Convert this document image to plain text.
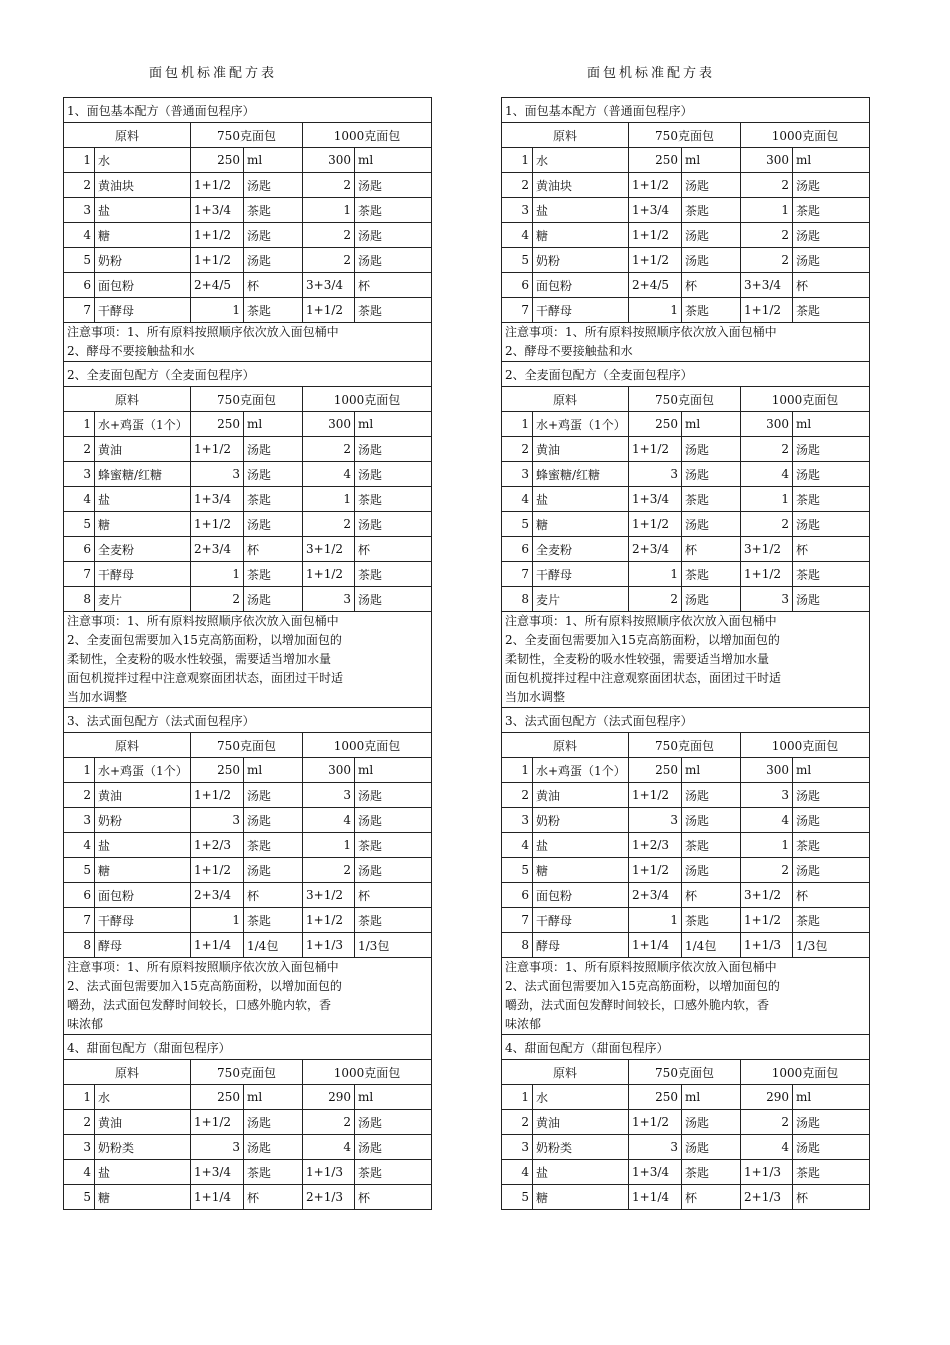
面包机标准配方表
1、面包基本配方（普通面包程序）					
原料		750克面包		1000克面包	
1	水	250	ml	300	ml
2	黄油块	1+1/2	汤匙	2	汤匙
3	盐	1+3/4	茶匙	1	茶匙
4	糖	1+1/2	汤匙	2	汤匙
5	奶粉	1+1/2	汤匙	2	汤匙
6	面包粉	2+4/5	杯	3+3/4	杯
7	干酵母	1	茶匙	1+1/2	茶匙

注意事项：1、所有原料按照顺序依次放入面包桶中
2、酵母不要接触盐和水					

2、全麦面包配方（全麦面包程序）					
原料		750克面包		1000克面包	
1	水+鸡蛋（1个）	250	ml	300	ml
2	黄油	1+1/2	汤匙	2	汤匙
3	蜂蜜糖/红糖	3	汤匙	4	汤匙
4	盐	1+3/4	茶匙	1	茶匙
5	糖	1+1/2	汤匙	2	汤匙
6	全麦粉	2+3/4	杯	3+1/2	杯
7	干酵母	1	茶匙	1+1/2	茶匙
8	麦片	2	汤匙	3	汤匙

注意事项：1、所有原料按照顺序依次放入面包桶中
2、全麦面包需要加入15克高筋面粉，以增加面包的
柔韧性，全麦粉的吸水性较强，需要适当增加水量
面包机搅拌过程中注意观察面团状态，面团过干时适
当加水调整					

3、法式面包配方（法式面包程序）					
原料		750克面包		1000克面包	
1	水+鸡蛋（1个）	250	ml	300	ml
2	黄油	1+1/2	汤匙	3	汤匙
3	奶粉	3	汤匙	4	汤匙
4	盐	1+2/3	茶匙	1	茶匙
5	糖	1+1/2	汤匙	2	汤匙
6	面包粉	2+3/4	杯	3+1/2	杯
7	干酵母	1	茶匙	1+1/2	茶匙
8	酵母	1+1/4	1/4包	1+1/3	1/3包

注意事项：1、所有原料按照顺序依次放入面包桶中
2、法式面包需要加入15克高筋面粉，以增加面包的
嚼劲，法式面包发酵时间较长，口感外脆内软，香
味浓郁					

4、甜面包配方（甜面包程序）					
原料		750克面包		1000克面包	
1	水	250	ml	290	ml
2	黄油	1+1/2	汤匙	2	汤匙
3	奶粉类	3	汤匙	4	汤匙
4	盐	1+3/4	茶匙	1+1/3	茶匙
5	糖	1+1/4	杯	2+1/3	杯
面包机标准配方表
1、面包基本配方（普通面包程序）					
原料		750克面包		1000克面包	
1	水	250	ml	300	ml
2	黄油块	1+1/2	汤匙	2	汤匙
3	盐	1+3/4	茶匙	1	茶匙
4	糖	1+1/2	汤匙	2	汤匙
5	奶粉	1+1/2	汤匙	2	汤匙
6	面包粉	2+4/5	杯	3+3/4	杯
7	干酵母	1	茶匙	1+1/2	茶匙

注意事项：1、所有原料按照顺序依次放入面包桶中
2、酵母不要接触盐和水					

2、全麦面包配方（全麦面包程序）					
原料		750克面包		1000克面包	
1	水+鸡蛋（1个）	250	ml	300	ml
2	黄油	1+1/2	汤匙	2	汤匙
3	蜂蜜糖/红糖	3	汤匙	4	汤匙
4	盐	1+3/4	茶匙	1	茶匙
5	糖	1+1/2	汤匙	2	汤匙
6	全麦粉	2+3/4	杯	3+1/2	杯
7	干酵母	1	茶匙	1+1/2	茶匙
8	麦片	2	汤匙	3	汤匙

注意事项：1、所有原料按照顺序依次放入面包桶中
2、全麦面包需要加入15克高筋面粉，以增加面包的
柔韧性，全麦粉的吸水性较强，需要适当增加水量
面包机搅拌过程中注意观察面团状态，面团过干时适
当加水调整					

3、法式面包配方（法式面包程序）					
原料		750克面包		1000克面包	
1	水+鸡蛋（1个）	250	ml	300	ml
2	黄油	1+1/2	汤匙	3	汤匙
3	奶粉	3	汤匙	4	汤匙
4	盐	1+2/3	茶匙	1	茶匙
5	糖	1+1/2	汤匙	2	汤匙
6	面包粉	2+3/4	杯	3+1/2	杯
7	干酵母	1	茶匙	1+1/2	茶匙
8	酵母	1+1/4	1/4包	1+1/3	1/3包

注意事项：1、所有原料按照顺序依次放入面包桶中
2、法式面包需要加入15克高筋面粉，以增加面包的
嚼劲，法式面包发酵时间较长，口感外脆内软，香
味浓郁					

4、甜面包配方（甜面包程序）					
原料		750克面包		1000克面包	
1	水	250	ml	290	ml
2	黄油	1+1/2	汤匙	2	汤匙
3	奶粉类	3	汤匙	4	汤匙
4	盐	1+3/4	茶匙	1+1/3	茶匙
5	糖	1+1/4	杯	2+1/3	杯
